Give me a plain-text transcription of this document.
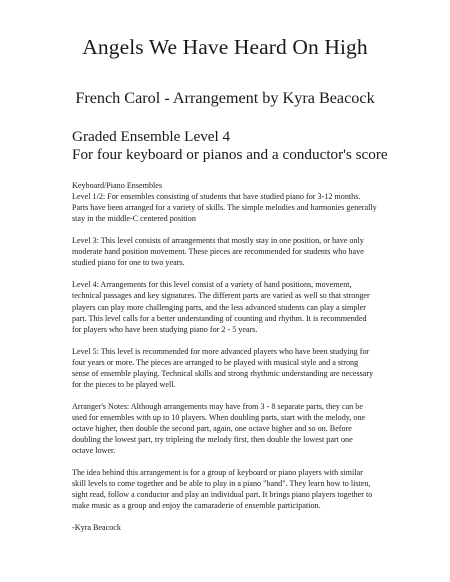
Angels We Have Heard On High
French Carol - Arrangement by Kyra Beacock
Graded Ensemble Level 4
For four keyboard or pianos and a conductor's score

Keyboard/Piano Ensembles
Level 1/2: For ensembles consisting of students that have studied piano for 3-12 months.
Parts have been arranged for a variety of skills. The simple melodies and harmonies generally
stay in the middle-C centered position

Level 3: This level consists of arrangements that mostly stay in one position, or have only
moderate hand position movement. These pieces are recommended for students who have
studied piano for one to two years.

Level 4: Arrangements for this level consist of a variety of hand positions, movement,
technical passages and key signatures. The different parts are varied as well so that stronger
players can play more challenging parts, and the less advanced students can play a simpler
part. This level calls for a better understanding of counting and rhythm. It is recommended
for players who have been studying piano for 2 - 5 years.

Level 5: This level is recommended for more advanced players who have been studying for
four years or more. The pieces are arranged to be played with musical style and a strong
sense of ensemble playing. Technical skills and strong rhythmic understanding are necessary
for the pieces to be played well.

Arranger's Notes: Although arrangements may have from 3 - 8 separate parts, they can be
used for ensembles with up to 10 players. When doubling parts, start with the melody, one
octave higher, then double the second part, again, one octave higher and so on. Before
doubling the lowest part, try tripleing the melody first, then double the lowest part one
octave lower.

The idea behind this arrangement is for a group of keyboard or piano players with similar
skill levels to come together and be able to play in a piano "band". They learn how to listen,
sight read, follow a conductor and play an individual part. It brings piano players together to
make music as a group and enjoy the camaraderie of ensemble participation.

-Kyra Beacock
